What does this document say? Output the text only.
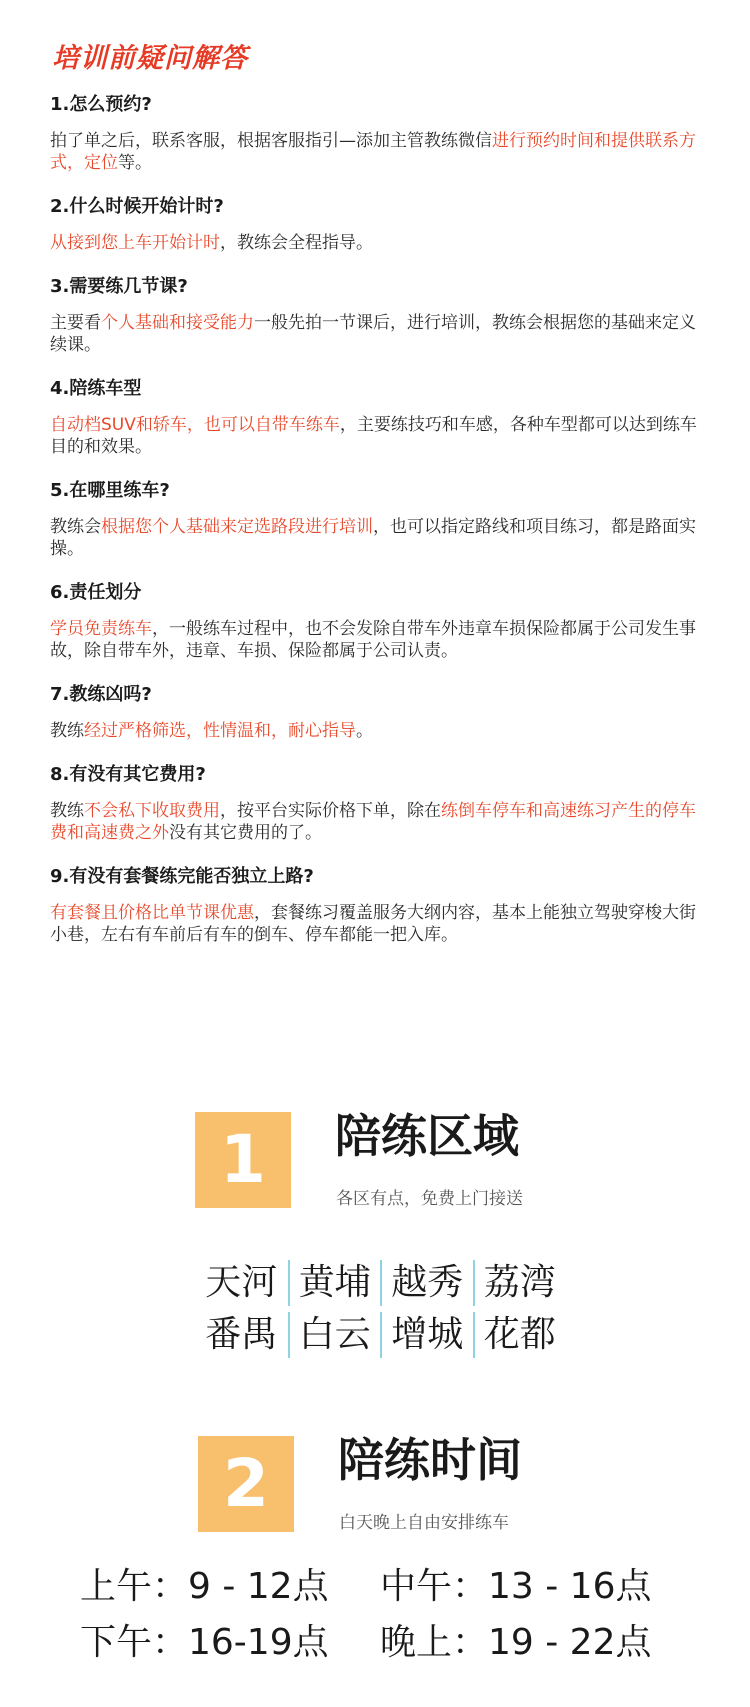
培训前疑问解答
1.怎么预约?
拍了单之后，联系客服，根据客服指引—添加主管教练微信进行预约时间和提供联系方式，定位等。
2.什么时候开始计时?
从接到您上车开始计时，教练会全程指导。
3.需要练几节课?
主要看个人基础和接受能力一般先拍一节课后，进行培训，教练会根据您的基础来定义续课。
4.陪练车型
自动档SUV和轿车，也可以自带车练车，主要练技巧和车感，各种车型都可以达到练车目的和效果。
5.在哪里练车?
教练会根据您个人基础来定选路段进行培训，也可以指定路线和项目练习，都是路面实操。
6.责任划分
学员免责练车，一般练车过程中，也不会发除自带车外违章车损保险都属于公司发生事故，除自带车外，违章、车损、保险都属于公司认责。
7.教练凶吗?
教练经过严格筛选，性情温和，耐心指导。
8.有没有其它费用?
教练不会私下收取费用，按平台实际价格下单，除在练倒车停车和高速练习产生的停车费和高速费之外没有其它费用的了。
9.有没有套餐练完能否独立上路?
有套餐且价格比单节课优惠，套餐练习覆盖服务大纲内容，基本上能独立驾驶穿梭大街小巷，左右有车前后有车的倒车、停车都能一把入库。
1	陪练区域
各区有点，免费上门接送
天河 黄埔 越秀 荔湾
番禺 白云 增城 花都
2	陪练时间
白天晚上自由安排练车
上午：9 - 12点	中午：13 - 16点
下午：16-19点	晚上：19 - 22点
